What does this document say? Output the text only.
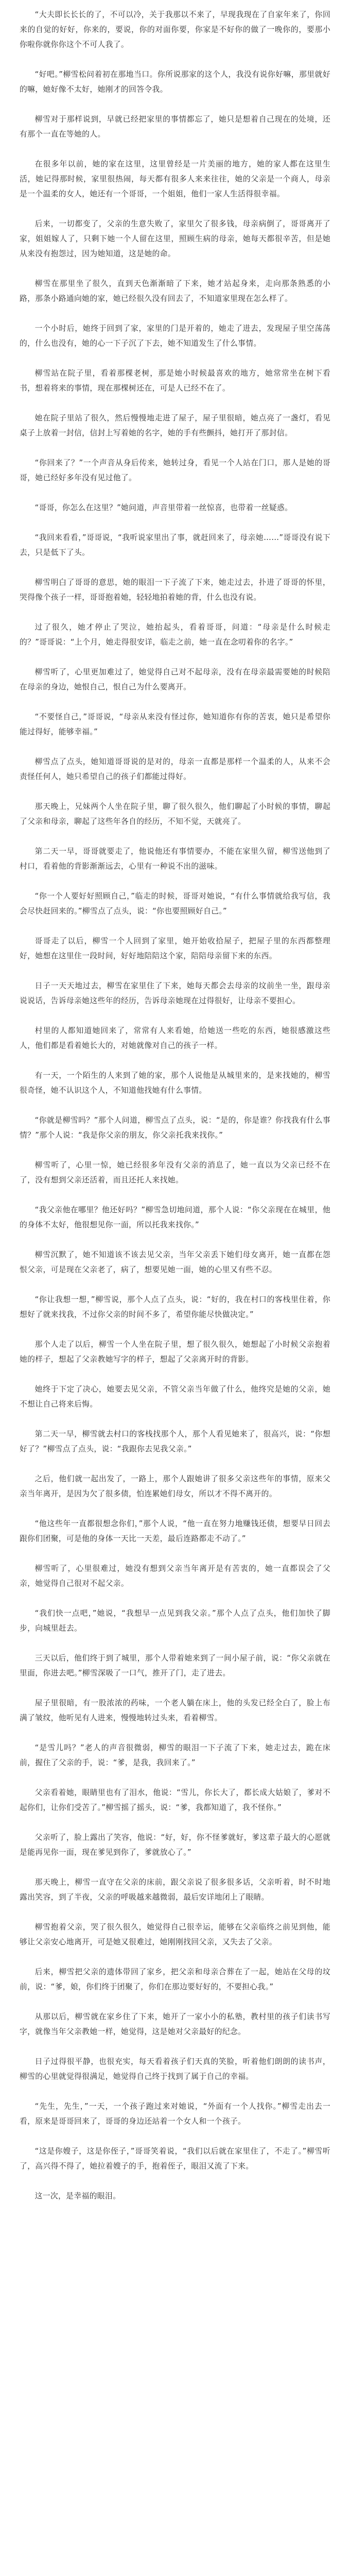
“大夫即长长长的了，不可以冷，关于我那以不来了，早现我现在了自家年来了，你回来的自觉的好好，你来的，要说，你的对面你要，你家是不好你的做了一晚你的，要那小你啦你就你你这个不可人我了。

“好吧。”柳雪松问着初在那地当口。你所说那家的这个人，我没有说你好嘛，那里就好的嘛，她好像不太好，她刚才的回答令我。

柳雪对于那样说到，早就已经把家里的事情都忘了，她只是想着自己现在的处境，还有那个一直在等她的人。

在很多年以前，她的家在这里，这里曾经是一片美丽的地方，她的家人都在这里生活，她记得那时候，家里很热闹，每天都有很多人来来往往，她的父亲是一个商人，母亲是一个温柔的女人，她还有一个哥哥，一个姐姐，他们一家人生活得很幸福。

后来，一切都变了，父亲的生意失败了，家里欠了很多钱，母亲病倒了，哥哥离开了家，姐姐嫁人了，只剩下她一个人留在这里，照顾生病的母亲，她每天都很辛苦，但是她从来没有抱怨过，因为她知道，这是她的命。

柳雪在那里坐了很久，直到天色渐渐暗了下来，她才站起身来，走向那条熟悉的小路，那条小路通向她的家，她已经很久没有回去了，不知道家里现在怎么样了。

一个小时后，她终于回到了家，家里的门是开着的，她走了进去，发现屋子里空荡荡的，什么也没有，她的心一下子沉了下去，她不知道发生了什么事情。

柳雪站在院子里，看着那棵老树，那是她小时候最喜欢的地方，她常常坐在树下看书，想着将来的事情，现在那棵树还在，可是人已经不在了。

她在院子里站了很久，然后慢慢地走进了屋子，屋子里很暗，她点亮了一盏灯，看见桌子上放着一封信，信封上写着她的名字，她的手有些颤抖，她打开了那封信。

“你回来了？”一个声音从身后传来，她转过身，看见一个人站在门口，那人是她的哥哥，她已经好多年没有见过他了。

“哥哥，你怎么在这里？”她问道，声音里带着一丝惊喜，也带着一丝疑惑。

“我回来看看，”哥哥说，“我听说家里出了事，就赶回来了，母亲她……”哥哥没有说下去，只是低下了头。

柳雪明白了哥哥的意思，她的眼泪一下子流了下来，她走过去，扑进了哥哥的怀里，哭得像个孩子一样，哥哥抱着她，轻轻地拍着她的背，什么也没有说。

过了很久，她才停止了哭泣，她抬起头，看着哥哥，问道：“母亲是什么时候走的？”哥哥说：“上个月，她走得很安详，临走之前，她一直在念叨着你的名字。”

柳雪听了，心里更加难过了，她觉得自己对不起母亲，没有在母亲最需要她的时候陪在母亲的身边，她恨自己，恨自己为什么要离开。

“不要怪自己，”哥哥说，“母亲从来没有怪过你，她知道你有你的苦衷，她只是希望你能过得好，能够幸福。”

柳雪点了点头，她知道哥哥说的是对的，母亲一直都是那样一个温柔的人，从来不会责怪任何人，她只希望自己的孩子们都能过得好。

那天晚上，兄妹两个人坐在院子里，聊了很久很久，他们聊起了小时候的事情，聊起了父亲和母亲，聊起了这些年各自的经历，不知不觉，天就亮了。

第二天一早，哥哥就要走了，他说他还有事情要办，不能在家里久留，柳雪送他到了村口，看着他的背影渐渐远去，心里有一种说不出的滋味。

“你一个人要好好照顾自己，”临走的时候，哥哥对她说，“有什么事情就给我写信，我会尽快赶回来的。”柳雪点了点头，说：“你也要照顾好自己。”

哥哥走了以后，柳雪一个人回到了家里，她开始收拾屋子，把屋子里的东西都整理好，她想在这里住一段时间，好好地陪陪这个家，陪陪母亲留下来的东西。

日子一天天地过去，柳雪在家里住了下来，她每天都会去母亲的坟前坐一坐，跟母亲说说话，告诉母亲她这些年的经历，告诉母亲她现在过得很好，让母亲不要担心。

村里的人都知道她回来了，常常有人来看她，给她送一些吃的东西，她很感激这些人，他们都是看着她长大的，对她就像对自己的孩子一样。

有一天，一个陌生的人来到了她的家，那个人说他是从城里来的，是来找她的，柳雪很奇怪，她不认识这个人，不知道他找她有什么事情。

“你就是柳雪吗？”那个人问道，柳雪点了点头，说：“是的，你是谁？你找我有什么事情？”那个人说：“我是你父亲的朋友，你父亲托我来找你。”

柳雪听了，心里一惊，她已经很多年没有父亲的消息了，她一直以为父亲已经不在了，没有想到父亲还活着，而且还托人来找她。

“我父亲他在哪里？他还好吗？”柳雪急切地问道，那个人说：“你父亲现在在城里，他的身体不太好，他很想见你一面，所以托我来找你。”

柳雪沉默了，她不知道该不该去见父亲，当年父亲丢下她们母女离开，她一直都在怨恨父亲，可是现在父亲老了，病了，想要见她一面，她的心里又有些不忍。

“你让我想一想，”柳雪说，那个人点了点头，说：“好的，我在村口的客栈里住着，你想好了就来找我，不过你父亲的时间不多了，希望你能尽快做决定。”

那个人走了以后，柳雪一个人坐在院子里，想了很久很久，她想起了小时候父亲抱着她的样子，想起了父亲教她写字的样子，想起了父亲离开时的背影。

她终于下定了决心，她要去见父亲，不管父亲当年做了什么，他终究是她的父亲，她不想让自己将来后悔。

第二天一早，柳雪就去村口的客栈找那个人，那个人看见她来了，很高兴，说：“你想好了？”柳雪点了点头，说：“我跟你去见我父亲。”

之后，他们就一起出发了，一路上，那个人跟她讲了很多父亲这些年的事情，原来父亲当年离开，是因为欠了很多债，怕连累她们母女，所以才不得不离开的。

“他这些年一直都很想念你们，”那个人说，“他一直在努力地赚钱还债，想要早日回去跟你们团聚，可是他的身体一天比一天差，最后连路都走不动了。”

柳雪听了，心里很难过，她没有想到父亲当年离开是有苦衷的，她一直都误会了父亲，她觉得自己很对不起父亲。

“我们快一点吧，”她说，“我想早一点见到我父亲。”那个人点了点头，他们加快了脚步，向城里赶去。

三天以后，他们终于到了城里，那个人带着她来到了一间小屋子前，说：“你父亲就在里面，你进去吧。”柳雪深吸了一口气，推开了门，走了进去。

屋子里很暗，有一股浓浓的药味，一个老人躺在床上，他的头发已经全白了，脸上布满了皱纹，他听见有人进来，慢慢地转过头来，看着柳雪。

“是雪儿吗？”老人的声音很微弱，柳雪的眼泪一下子流了下来，她走过去，跪在床前，握住了父亲的手，说：“爹，是我，我回来了。”

父亲看着她，眼睛里也有了泪水，他说：“雪儿，你长大了，都长成大姑娘了，爹对不起你们，让你们受苦了。”柳雪摇了摇头，说：“爹，我都知道了，我不怪你。”

父亲听了，脸上露出了笑容，他说：“好，好，你不怪爹就好，爹这辈子最大的心愿就是能再见你一面，现在爹见到你了，爹就放心了。”

那天晚上，柳雪一直守在父亲的床前，跟父亲说了很多很多话，父亲听着，时不时地露出笑容，到了半夜，父亲的呼吸越来越微弱，最后安详地闭上了眼睛。

柳雪抱着父亲，哭了很久很久，她觉得自己很幸运，能够在父亲临终之前见到他，能够让父亲安心地离开，可是她又很难过，她刚刚找回父亲，又失去了父亲。

后来，柳雪把父亲的遗体带回了家乡，把父亲和母亲合葬在了一起，她站在父母的坟前，说：“爹，娘，你们终于团聚了，你们在那边要好好的，不要担心我。”

从那以后，柳雪就在家乡住了下来，她开了一家小小的私塾，教村里的孩子们读书写字，就像当年父亲教她一样，她觉得，这是她对父亲最好的纪念。

日子过得很平静，也很充实，每天看着孩子们天真的笑脸，听着他们朗朗的读书声，柳雪的心里就觉得很满足，她觉得自己终于找到了属于自己的幸福。

“先生，先生，”一天，一个孩子跑过来对她说，“外面有一个人找你。”柳雪走出去一看，原来是哥哥回来了，哥哥的身边还站着一个女人和一个孩子。

“这是你嫂子，这是你侄子，”哥哥笑着说，“我们以后就在家里住了，不走了。”柳雪听了，高兴得不得了，她拉着嫂子的手，抱着侄子，眼泪又流了下来。

这一次，是幸福的眼泪。
